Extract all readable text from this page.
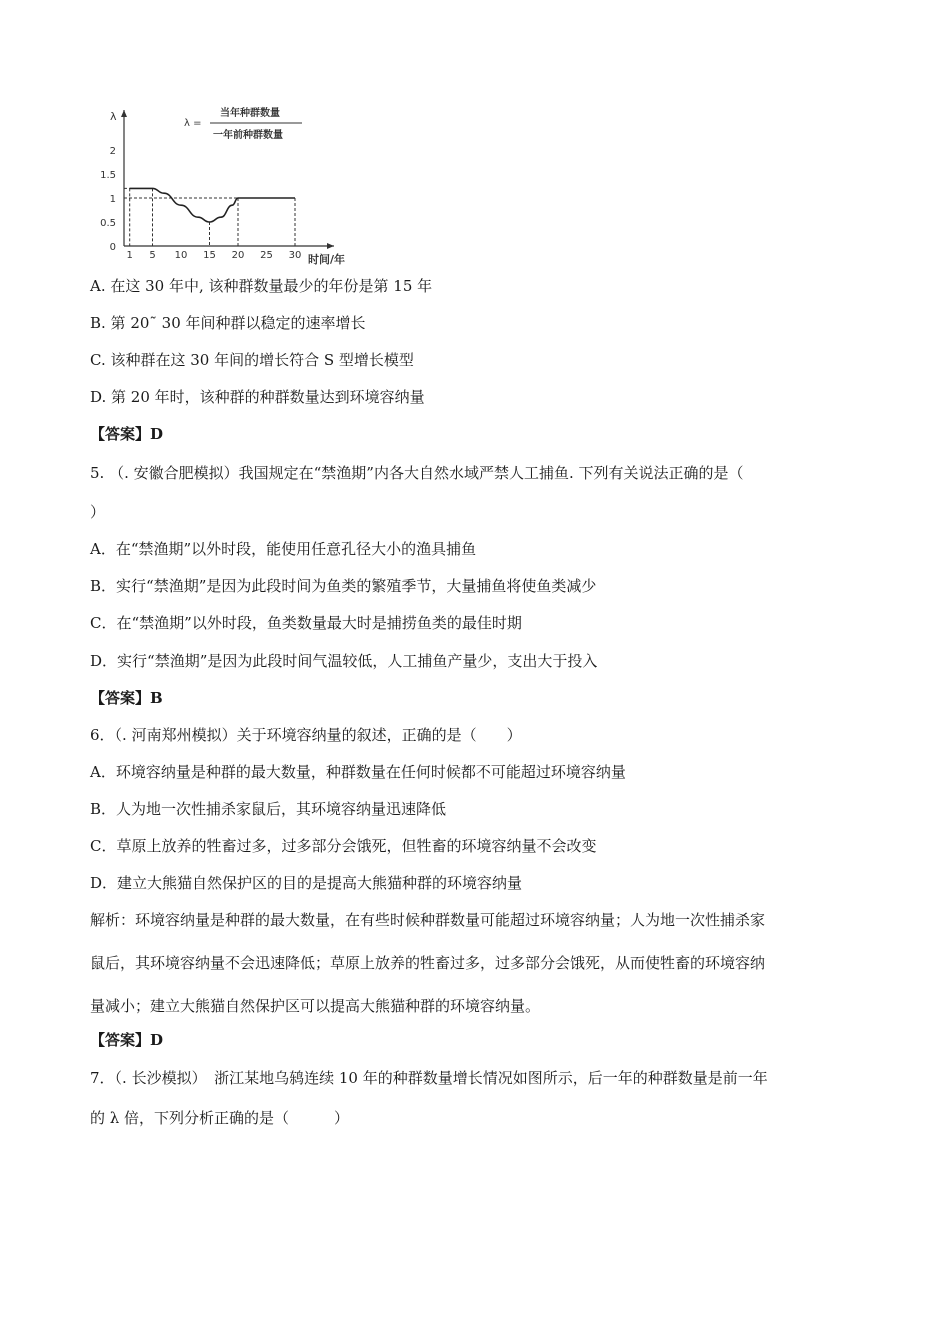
λ
时间/年
λ =
当年种群数量
一年前种群数量
2
1.5
1
0.5
0
1 5 10 15 20 25 30
A. 在这 30 年中, 该种群数量最少的年份是第 15 年
B. 第 20˜ 30 年间种群以稳定的速率增长
C. 该种群在这 30 年间的增长符合 S 型增长模型
D. 第 20 年时，该种群的种群数量达到环境容纳量
【答案】D
5. （. 安徽合肥模拟）我国规定在“禁渔期”内各大自然水域严禁人工捕鱼. 下列有关说法正确的是（
）
A．在“禁渔期”以外时段，能使用任意孔径大小的渔具捕鱼
B．实行“禁渔期”是因为此段时间为鱼类的繁殖季节，大量捕鱼将使鱼类减少
C．在“禁渔期”以外时段，鱼类数量最大时是捕捞鱼类的最佳时期
D．实行“禁渔期”是因为此段时间气温较低，人工捕鱼产量少，支出大于投入
【答案】B
6．（. 河南郑州模拟）关于环境容纳量的叙述，正确的是（　　）
A．环境容纳量是种群的最大数量，种群数量在任何时候都不可能超过环境容纳量
B．人为地一次性捕杀家鼠后，其环境容纳量迅速降低
C．草原上放养的牲畜过多，过多部分会饿死，但牲畜的环境容纳量不会改变
D．建立大熊猫自然保护区的目的是提高大熊猫种群的环境容纳量
解析：环境容纳量是种群的最大数量，在有些时候种群数量可能超过环境容纳量；人为地一次性捕杀家
鼠后，其环境容纳量不会迅速降低；草原上放养的牲畜过多，过多部分会饿死，从而使牲畜的环境容纳
量减小；建立大熊猫自然保护区可以提高大熊猫种群的环境容纳量。
【答案】D
7．（. 长沙模拟）　浙江某地乌鸫连续 10 年的种群数量增长情况如图所示，后一年的种群数量是前一年
的 λ 倍，下列分析正确的是（　　　）
